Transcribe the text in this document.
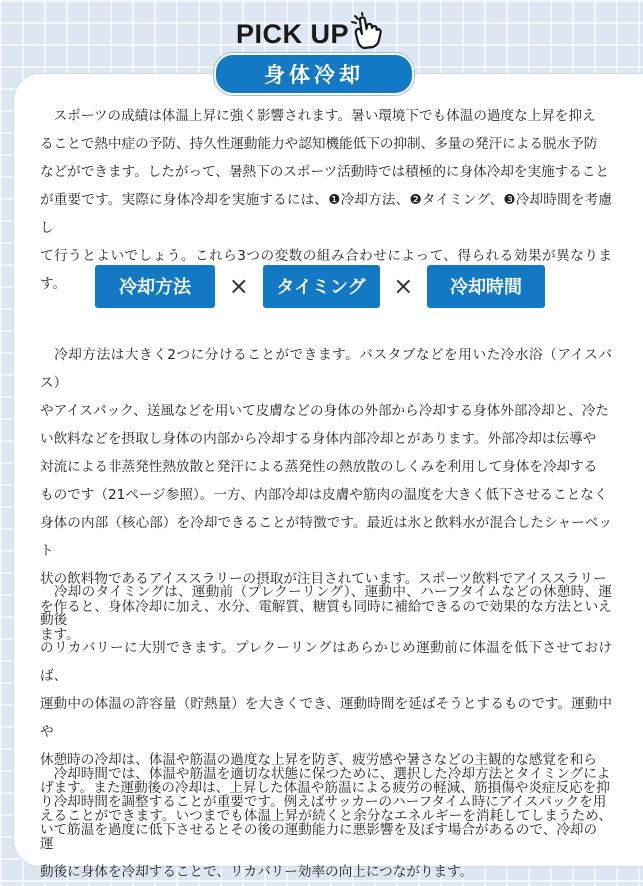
PICK UP
身体冷却

　スポーツの成績は体温上昇に強く影響されます。暑い環境下でも体温の過度な上昇を抑え
ることで熱中症の予防、持久性運動能力や認知機能低下の抑制、多量の発汗による脱水予防
などができます。したがって、暑熱下のスポーツ活動時では積極的に身体冷却を実施すること
が重要です。実際に身体冷却を実施するには、❶冷却方法、❷タイミング、❸冷却時間を考慮し
て行うとよいでしょう。これら3つの変数の組み合わせによって、得られる効果が異なります。	冷却方法	×	タイミング	×	冷却時間

　冷却方法は大きく2つに分けることができます。バスタブなどを用いた冷水浴（アイスバス）
やアイスパック、送風などを用いて皮膚などの身体の外部から冷却する身体外部冷却と、冷た
い飲料などを摂取し身体の内部から冷却する身体内部冷却とがあります。外部冷却は伝導や
対流による非蒸発性熱放散と発汗による蒸発性の熱放散のしくみを利用して身体を冷却する
ものです（21ページ参照）。一方、内部冷却は皮膚や筋肉の温度を大きく低下させることなく
身体の内部（核心部）を冷却できることが特徴です。最近は氷と飲料水が混合したシャーベット
状の飲料物であるアイススラリーの摂取が注目されています。スポーツ飲料でアイススラリー
を作ると、身体冷却に加え、水分、電解質、糖質も同時に補給できるので効果的な方法といえ
ます。

　冷却のタイミングは、運動前（プレクーリング）、運動中、ハーフタイムなどの休憩時、運動後
のリカバリーに大別できます。プレクーリングはあらかじめ運動前に体温を低下させておけば、
運動中の体温の許容量（貯熱量）を大きくでき、運動時間を延ばそうとするものです。運動中や
休憩時の冷却は、体温や筋温の過度な上昇を防ぎ、疲労感や暑さなどの主観的な感覚を和ら
げます。また運動後の冷却は、上昇した体温や筋温による疲労の軽減、筋損傷や炎症反応を抑
えることができます。いつまでも体温上昇が続くと余分なエネルギーを消耗してしまうため、運
動後に身体を冷却することで、リカバリー効率の向上につながります。

　冷却時間では、体温や筋温を適切な状態に保つために、選択した冷却方法とタイミングによ
り冷却時間を調整することが重要です。例えばサッカーのハーフタイム時にアイスパックを用
いて筋温を過度に低下させるとその後の運動能力に悪影響を及ぼす場合があるので、冷却の
